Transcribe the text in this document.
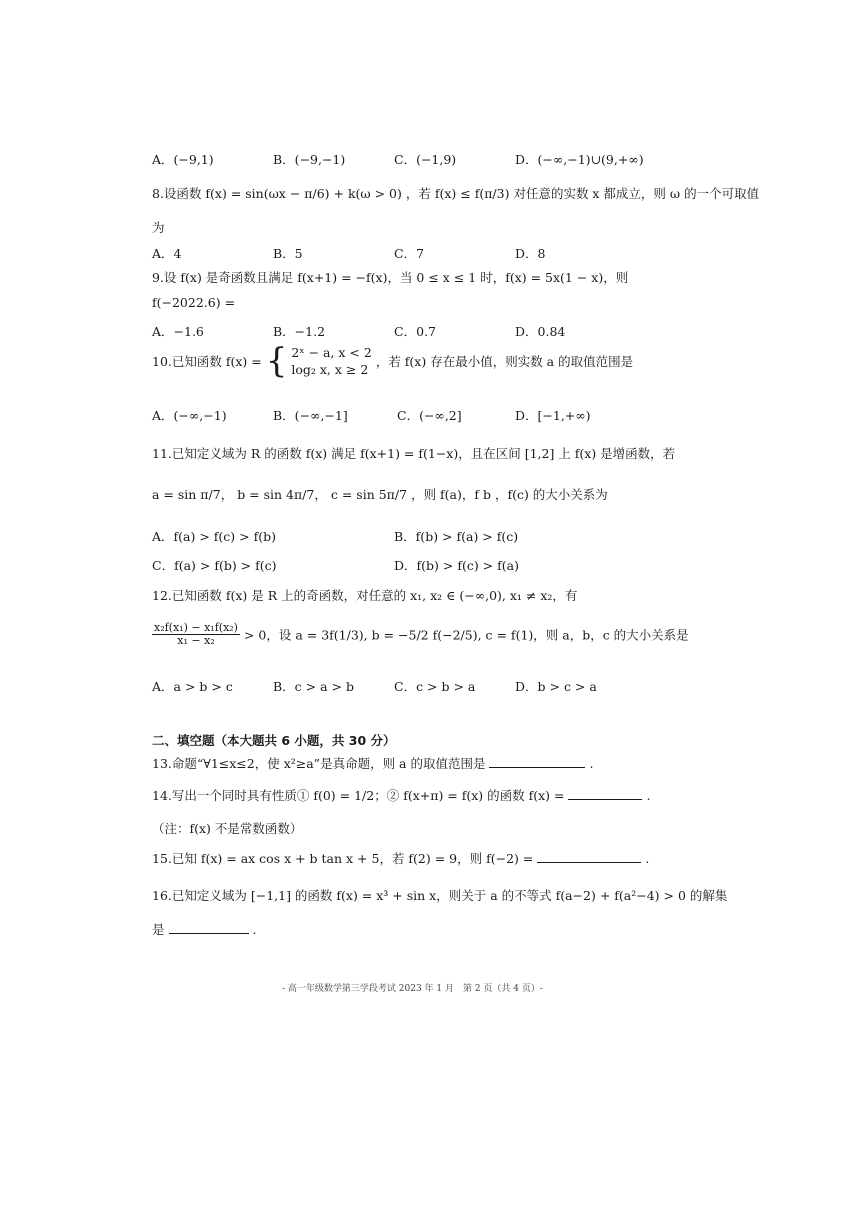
A．(−9,1)	B．(−9,−1)	C．(−1,9)	D．(−∞,−1)∪(9,+∞)
8.设函数 f(x) = sin(ωx − π/6) + k(ω > 0) ，若 f(x) ≤ f(π/3) 对任意的实数 x 都成立，则 ω 的一个可取值
为
A．4	B．5	C．7	D．8
9.设 f(x) 是奇函数且满足 f(x+1) = −f(x)，当 0 ≤ x ≤ 1 时，f(x) = 5x(1 − x)，则
f(−2022.6) =
A．−1.6	B．−1.2	C．0.7	D．0.84
10.已知函数 f(x) = { 2ˣ − a, x < 2
log₂ x, x ≥ 2
，若 f(x) 存在最小值，则实数 a 的取值范围是
A．(−∞,−1)	B．(−∞,−1]	C．(−∞,2]	D．[−1,+∞)
11.已知定义域为 R 的函数 f(x) 满足 f(x+1) = f(1−x)，且在区间 [1,2] 上 f(x) 是增函数，若
a = sin π/7， b = sin 4π/7， c = sin 5π/7 ，则 f(a)，f b ，f(c) 的大小关系为
A．f(a) > f(c) > f(b)	B．f(b) > f(a) > f(c)
C．f(a) > f(b) > f(c)	D．f(b) > f(c) > f(a)
12.已知函数 f(x) 是 R 上的奇函数，对任意的 x₁, x₂ ∈ (−∞,0), x₁ ≠ x₂，有
$\frac{\text{x₂f(x₁) − x₁f(x₂)}}{\text{x₁ − x₂}} > 0$，设 a = 3f(1/3), b = −5/2 f(−2/5), c = f(1)，则 a，b，c 的大小关系是
A．a > b > c	B．c > a > b	C．c > b > a	D．b > c > a
二、填空题（本大题共 6 小题，共 30 分）
13.命题“∀1≤x≤2，使 x²≥a”是真命题，则 a 的取值范围是	.
14.写出一个同时具有性质① f(0) = 1/2；② f(x+π) = f(x) 的函数 f(x) =	.
（注：f(x) 不是常数函数）
15.已知 f(x) = ax cos x + b tan x + 5，若 f(2) = 9，则 f(−2) =	.
16.已知定义域为 [−1,1] 的函数 f(x) = x³ + sin x，则关于 a 的不等式 f(a−2) + f(a²−4) > 0 的解集
是	.
- 高一年级数学第三学段考试 2023 年 1 月　第 2 页（共 4 页）-
